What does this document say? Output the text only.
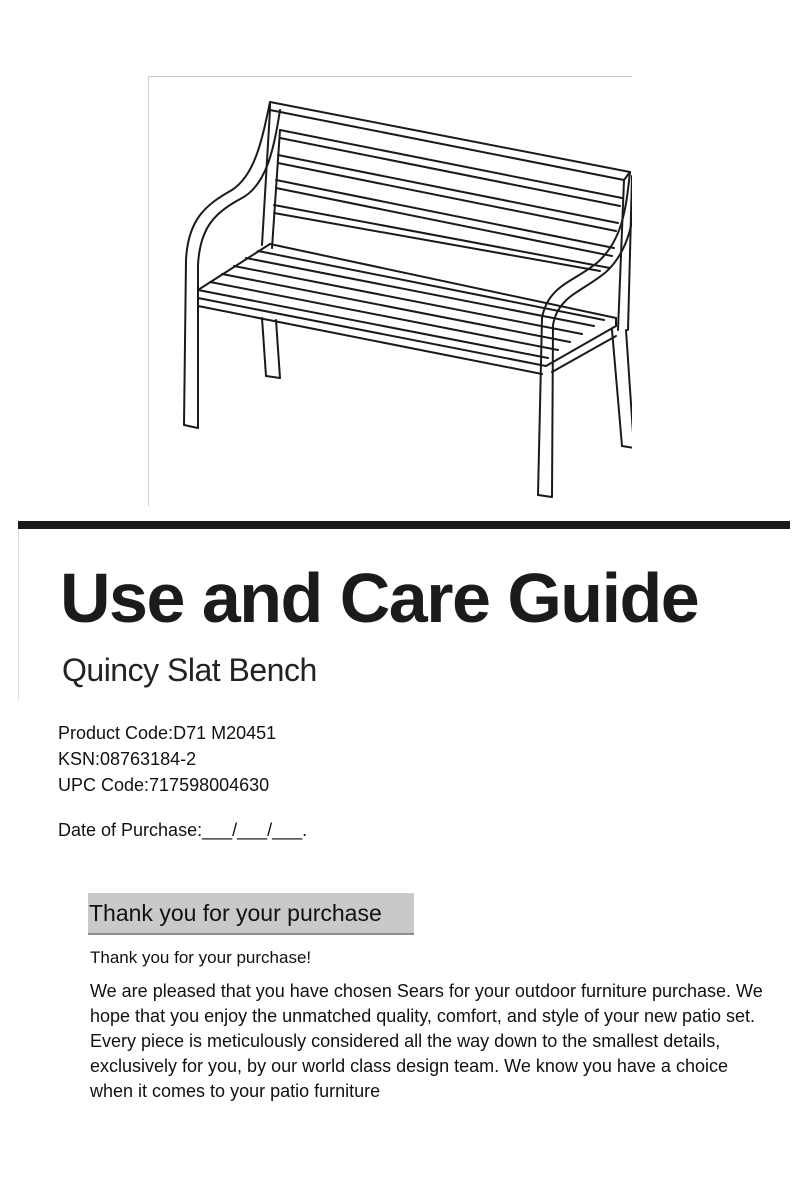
Use and Care Guide
Quincy Slat Bench
Product Code:D71 M20451
KSN:08763184-2
UPC Code:717598004630
Date of Purchase:___/___/___.
Thank you for your purchase
Thank you for your purchase!
We are pleased that you have chosen Sears for your outdoor furniture purchase. We hope that you enjoy the unmatched quality, comfort, and style of your new patio set. Every piece is meticulously considered all the way down to the smallest details, exclusively for you, by our world class design team. We know you have a choice when it comes to your patio furniture
